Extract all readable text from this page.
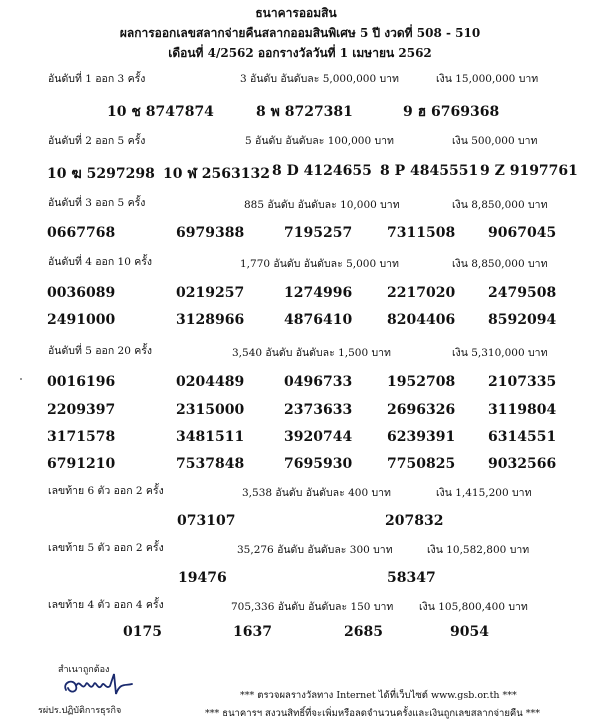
ธนาคารออมสิน
ผลการออกเลขสลากจ่ายคืนสลากออมสินพิเศษ 5 ปี งวดที่ 508 - 510
เดือนที่ 4/2562 ออกรางวัลวันที่ 1 เมษายน 2562
อันดับที่ 1 ออก 3 ครั้ง	3 อันดับ อันดับละ 5,000,000 บาท	เงิน 15,000,000 บาท
10 ช 8747874	8 พ 8727381	9 ฮ 6769368
อันดับที่ 2 ออก 5 ครั้ง	5 อันดับ อันดับละ 100,000 บาท	เงิน 500,000 บาท
10 ฆ 5297298 10 ฬ 2563132 8 D 4124655 8 P 4845551 9 Z 9197761
อันดับที่ 3 ออก 5 ครั้ง	885 อันดับ อันดับละ 10,000 บาท	เงิน 8,850,000 บาท
0667768	6979388	7195257 7311508 9067045
อันดับที่ 4 ออก 10 ครั้ง	1,770 อันดับ อันดับละ 5,000 บาท	เงิน 8,850,000 บาท
0036089	0219257	1274996 2217020 2479508
2491000	3128966	4876410 8204406 8592094
อันดับที่ 5 ออก 20 ครั้ง	3,540 อันดับ อันดับละ 1,500 บาท	เงิน 5,310,000 บาท
0016196	0204489	0496733 1952708 2107335
2209397	2315000	2373633 2696326 3119804
3171578	3481511	3920744 6239391 6314551
6791210	7537848	7695930 7750825 9032566
เลขท้าย 6 ตัว ออก 2 ครั้ง	3,538 อันดับ อันดับละ 400 บาท	เงิน 1,415,200 บาท
073107	207832
เลขท้าย 5 ตัว ออก 2 ครั้ง	35,276 อันดับ อันดับละ 300 บาท	เงิน 10,582,800 บาท
19476	58347
เลขท้าย 4 ตัว ออก 4 ครั้ง	705,336 อันดับ อันดับละ 150 บาท เงิน 105,800,400 บาท
0175	1637	2685	9054
สำเนาถูกต้อง
รผ่ปร.ปฏิบัติการธุรกิจ
*** ตรวจผลรางวัลทาง Internet ได้ที่เว็บไซต์ www.gsb.or.th ***
*** ธนาคารฯ สงวนสิทธิ์ที่จะเพิ่มหรือลดจำนวนครั้งและเงินถูกเลขสลากจ่ายคืน ***
